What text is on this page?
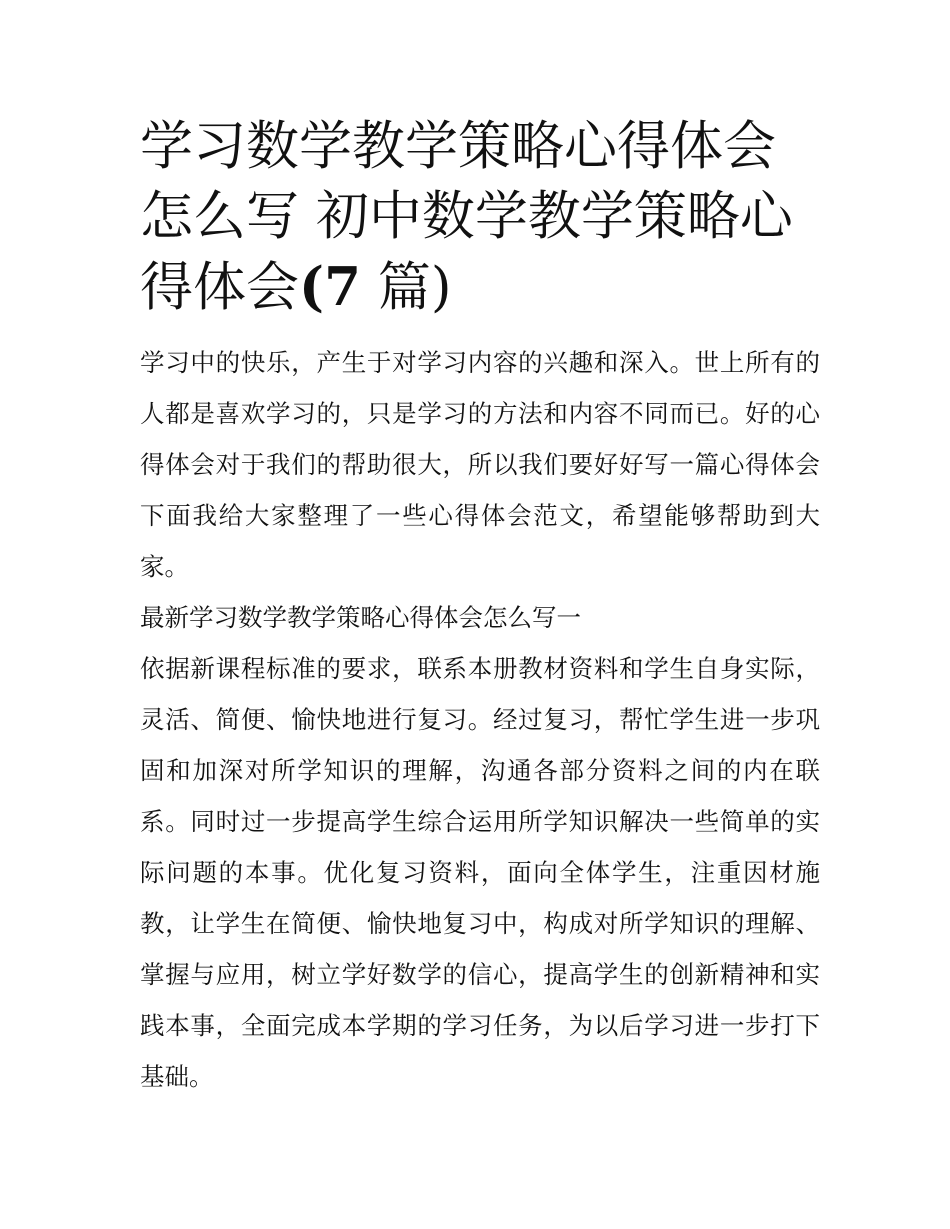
学习数学教学策略心得体会怎么写 初中数学教学策略心得体会(7 篇)

学习中的快乐，产生于对学习内容的兴趣和深入。世上所有的人都是喜欢学习的，只是学习的方法和内容不同而已。好的心得体会对于我们的帮助很大，所以我们要好好写一篇心得体会下面我给大家整理了一些心得体会范文，希望能够帮助到大家。

最新学习数学教学策略心得体会怎么写一

依据新课程标准的要求，联系本册教材资料和学生自身实际，灵活、简便、愉快地进行复习。经过复习，帮忙学生进一步巩固和加深对所学知识的理解，沟通各部分资料之间的内在联系。同时过一步提高学生综合运用所学知识解决一些简单的实际问题的本事。优化复习资料，面向全体学生，注重因材施教，让学生在简便、愉快地复习中，构成对所学知识的理解、掌握与应用，树立学好数学的信心，提高学生的创新精神和实践本事，全面完成本学期的学习任务，为以后学习进一步打下基础。
